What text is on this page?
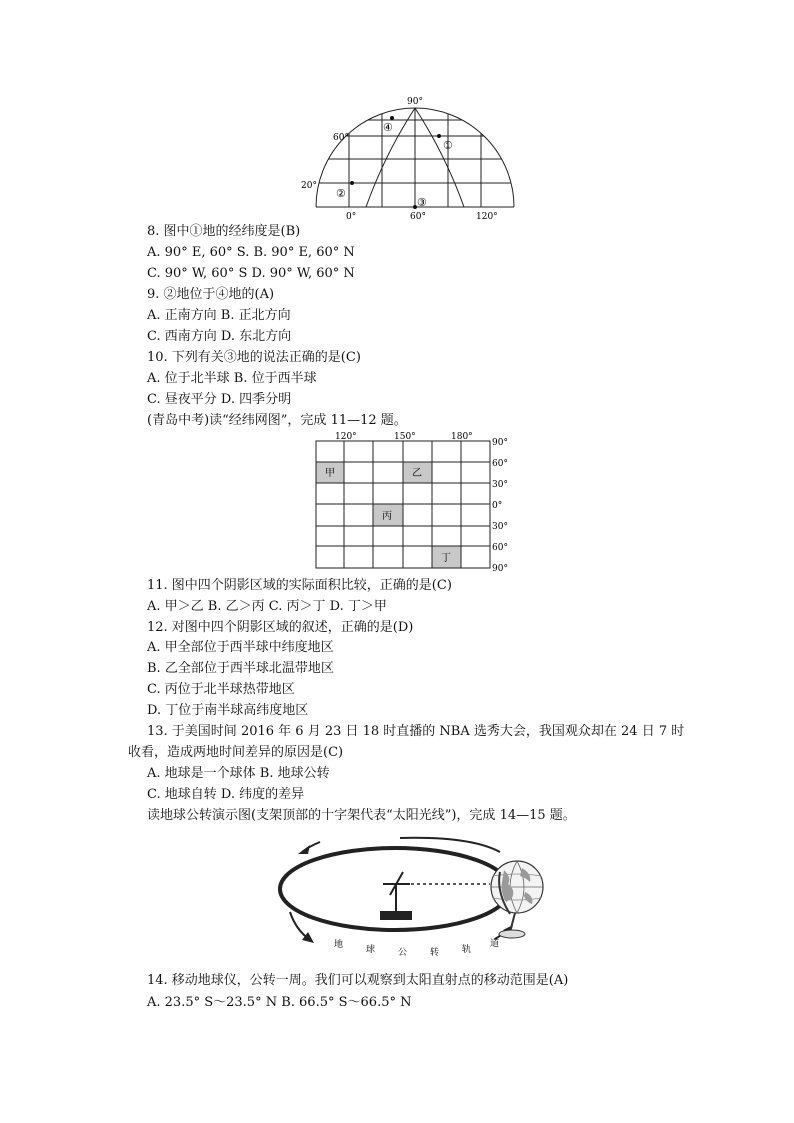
90°
60°
20°
0°	60°	120°
①
②
③
④
8. 图中①地的经纬度是(B)
A. 90° E, 60° S. B. 90° E, 60° N
C. 90° W, 60° S D. 90° W, 60° N
9. ②地位于④地的(A)
A. 正南方向 B. 正北方向
C. 西南方向 D. 东北方向
10. 下列有关③地的说法正确的是(C)
A. 位于北半球 B. 位于西半球
C. 昼夜平分 D. 四季分明
(青岛中考)读“经纬网图”，完成 11—12 题。
120°	150°	180°
90°
60°
30°
0°
30°
60°
90°
甲	乙
丙
丁
11. 图中四个阴影区域的实际面积比较，正确的是(C)
A. 甲＞乙 B. 乙＞丙 C. 丙＞丁 D. 丁＞甲
12. 对图中四个阴影区域的叙述，正确的是(D)
A. 甲全部位于西半球中纬度地区
B. 乙全部位于西半球北温带地区
C. 丙位于北半球热带地区
D. 丁位于南半球高纬度地区
13. 于美国时间 2016 年 6 月 23 日 18 时直播的 NBA 选秀大会，我国观众却在 24 日 7 时
收看，造成两地时间差异的原因是(C)
A. 地球是一个球体 B. 地球公转
C. 地球自转 D. 纬度的差异
读地球公转演示图(支架顶部的十字架代表“太阳光线”)，完成 14—15 题。
地	球	公	转	轨
道
14. 移动地球仪，公转一周。我们可以观察到太阳直射点的移动范围是(A)
A. 23.5° S～23.5° N B. 66.5° S～66.5° N
